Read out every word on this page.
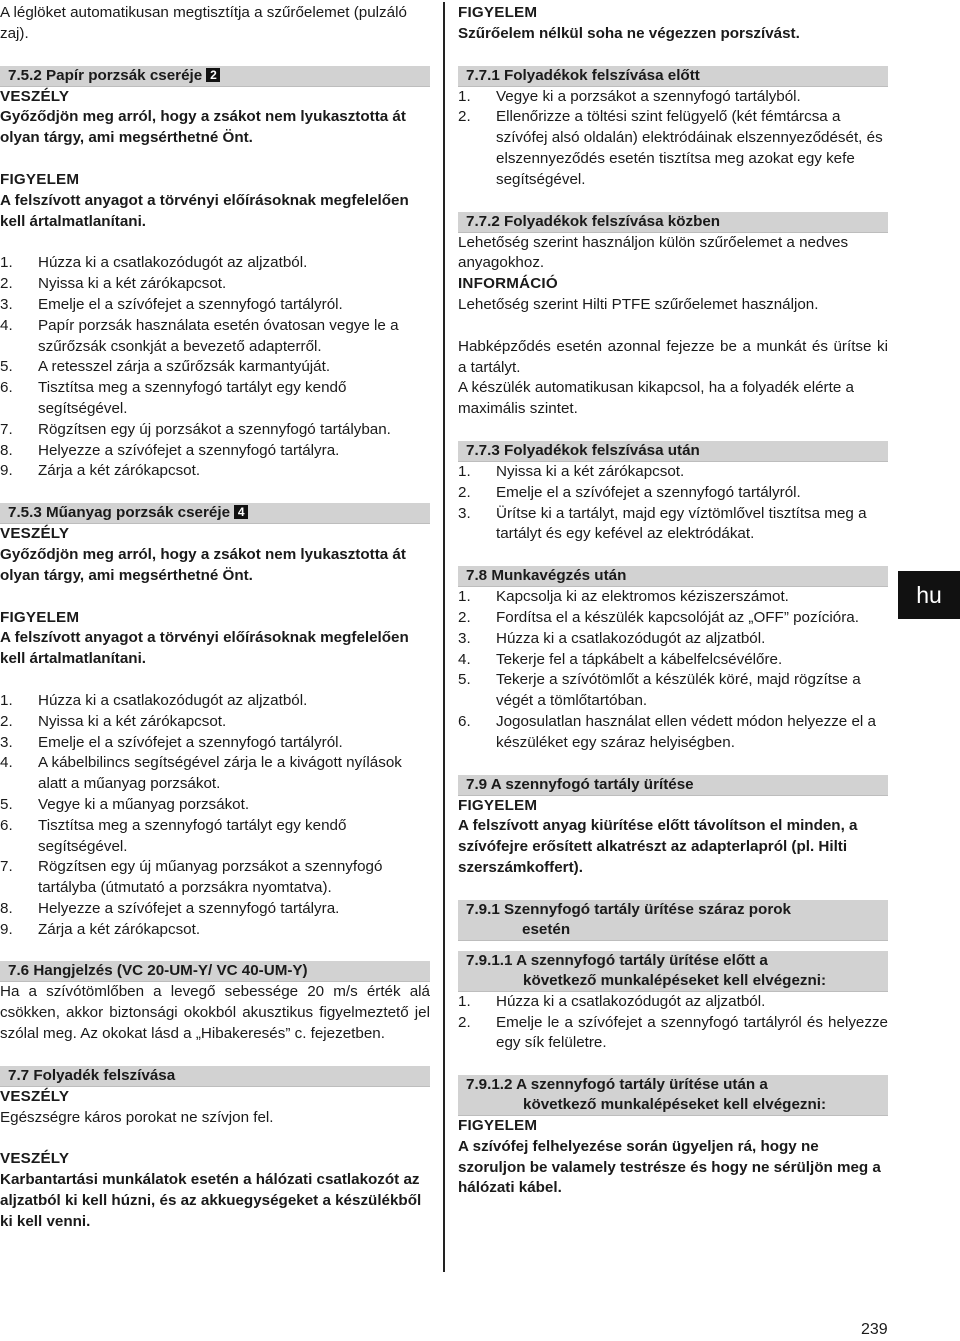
A léglöket automatikusan megtisztítja a szűrőelemet (pulzáló zaj).

7.5.2 Papír porzsák cseréje 2

VESZÉLY

Győződjön meg arról, hogy a zsákot nem lyukasztotta át olyan tárgy, ami megsérthetné Önt.

FIGYELEM

A felszívott anyagot a törvényi előírásoknak megfelelően kell ártalmatlanítani.

1. Húzza ki a csatlakozódugót az aljzatból.
2. Nyissa ki a két zárókapcsot.
3. Emelje el a szívófejet a szennyfogó tartályról.
4. Papír porzsák használata esetén óvatosan vegye le a szűrőzsák csonkját a bevezető adapterről.
5. A retesszel zárja a szűrőzsák karmantyúját.
6. Tisztítsa meg a szennyfogó tartályt egy kendő segítségével.
7. Rögzítsen egy új porzsákot a szennyfogó tartályban.
8. Helyezze a szívófejet a szennyfogó tartályra.
9. Zárja a két zárókapcsot.
7.5.3 Műanyag porzsák cseréje 4

VESZÉLY

Győződjön meg arról, hogy a zsákot nem lyukasztotta át olyan tárgy, ami megsérthetné Önt.

FIGYELEM

A felszívott anyagot a törvényi előírásoknak megfelelően kell ártalmatlanítani.

1. Húzza ki a csatlakozódugót az aljzatból.
2. Nyissa ki a két zárókapcsot.
3. Emelje el a szívófejet a szennyfogó tartályról.
4. A kábelbilincs segítségével zárja le a kivágott nyílások alatt a műanyag porzsákot.
5. Vegye ki a műanyag porzsákot.
6. Tisztítsa meg a szennyfogó tartályt egy kendő segítségével.
7. Rögzítsen egy új műanyag porzsákot a szennyfogó tartályba (útmutató a porzsákra nyomtatva).
8. Helyezze a szívófejet a szennyfogó tartályra.
9. Zárja a két zárókapcsot.
7.6 Hangjelzés (VC 20-UM-Y/ VC 40-UM-Y)

Ha a szívótömlőben a levegő sebessége 20 m/s érték alá csökken, akkor biztonsági okokból akusztikus figyelmeztető jel szólal meg. Az okokat lásd a „Hibakeresés” c. fejezetben.

7.7 Folyadék felszívása

VESZÉLY

Egészségre káros porokat ne szívjon fel.

VESZÉLY

Karbantartási munkálatok esetén a hálózati csatlakozót az aljzatból ki kell húzni, és az akkuegységeket a készülékből ki kell venni.

FIGYELEM

Szűrőelem nélkül soha ne végezzen porszívást.

7.7.1 Folyadékok felszívása előtt
1. Vegye ki a porzsákot a szennyfogó tartályból.
2. Ellenőrizze a töltési szint felügyelő (két fémtárcsa a szívófej alsó oldalán) elektródáinak elszennyeződését, és elszennyeződés esetén tisztítsa meg azokat egy kefe segítségével.
7.7.2 Folyadékok felszívása közben

Lehetőség szerint használjon külön szűrőelemet a nedves anyagokhoz.

INFORMÁCIÓ

Lehetőség szerint Hilti PTFE szűrőelemet használjon.

Habképződés esetén azonnal fejezze be a munkát és ürítse ki a tartályt.

A készülék automatikusan kikapcsol, ha a folyadék elérte a maximális szintet.

7.7.3 Folyadékok felszívása után
1. Nyissa ki a két zárókapcsot.
2. Emelje el a szívófejet a szennyfogó tartályról.
3. Ürítse ki a tartályt, majd egy víztömlővel tisztítsa meg a tartályt és egy kefével az elektródákat.
7.8 Munkavégzés után
1. Kapcsolja ki az elektromos kéziszerszámot.
2. Fordítsa el a készülék kapcsolóját az „OFF” pozícióra.
3. Húzza ki a csatlakozódugót az aljzatból.
4. Tekerje fel a tápkábelt a kábelfelcsévélőre.
5. Tekerje a szívótömlőt a készülék köré, majd rögzítse a végét a tömlőtartóban.
6. Jogosulatlan használat ellen védett módon helyezze el a készüléket egy száraz helyiségben.
7.9 A szennyfogó tartály ürítése

FIGYELEM

A felszívott anyag kiürítése előtt távolítson el minden, a szívófejre erősített alkatrészt az adapterlapról (pl. Hilti szerszámkoffert).

7.9.1 Szennyfogó tartály ürítése száraz porok
esetén
7.9.1.1 A szennyfogó tartály ürítése előtt a
következő munkalépéseket kell elvégezni:
1. Húzza ki a csatlakozódugót az aljzatból.
2. Emelje le a szívófejet a szennyfogó tartályról és helyezze egy sík felületre.
7.9.1.2 A szennyfogó tartály ürítése után a
következő munkalépéseket kell elvégezni:

FIGYELEM

A szívófej felhelyezése során ügyeljen rá, hogy ne szoruljon be valamely testrésze és hogy ne sérüljön meg a hálózati kábel.

hu
239
